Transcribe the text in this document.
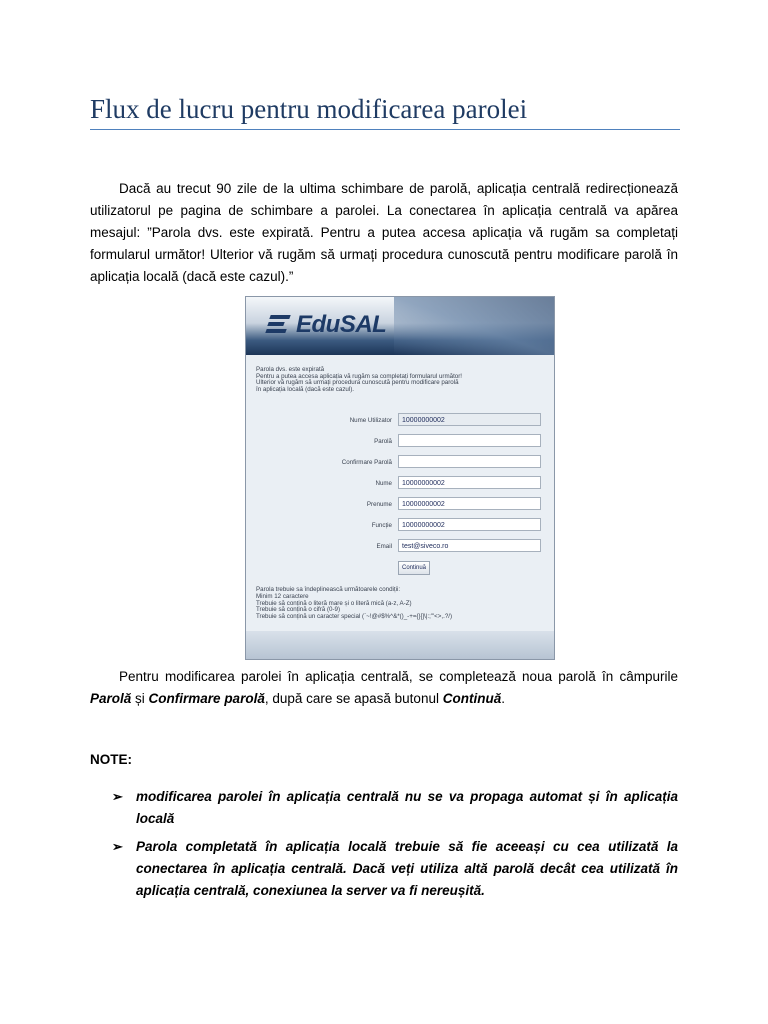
Flux de lucru pentru modificarea parolei
Dacă au trecut 90 zile de la ultima schimbare de parolă, aplicația centrală redirecționează utilizatorul pe pagina de schimbare a parolei. La conectarea în aplicația centrală va apărea mesajul: ”Parola dvs. este expirată. Pentru a putea accesa aplicația vă rugăm sa completați formularul următor! Ulterior vă rugăm să urmați procedura cunoscută pentru modificare parolă în aplicația locală (dacă este cazul).”
EduSAL
Parola dvs. este expirată
Pentru a putea accesa aplicația vă rugăm sa completați formularul următor!
Ulterior vă rugăm să urmați procedura cunoscută pentru modificare parolă
în aplicația locală (dacă este cazul).
Nume Utilizator	10000000002
Parolă
Confirmare Parolă
Nume	10000000002
Prenume	10000000002
Funcție	10000000002
Email	test@siveco.ro
Continuă
Parola trebuie sa îndeplinească următoarele condiții:
Minim 12 caractere
Trebuie să conțină o literă mare și o literă mică (a-z, A-Z)
Trebuie să conțină o cifră (0-9)
Trebuie să conțină un caracter special (`~!@#$%^&*()_-+={}[]\|:;"'<>,.?/)
Pentru modificarea parolei în aplicația centrală, se completează noua parolă în câmpurile Parolă și Confirmare parolă, după care se apasă butonul Continuă.
NOTE:
➢ modificarea parolei în aplicația centrală nu se va propaga automat și în aplicația locală
➢ Parola completată în aplicația locală trebuie să fie aceeași cu cea utilizată la conectarea în aplicația centrală. Dacă veți utiliza altă parolă decât cea utilizată în aplicația centrală, conexiunea la server va fi nereușită.
